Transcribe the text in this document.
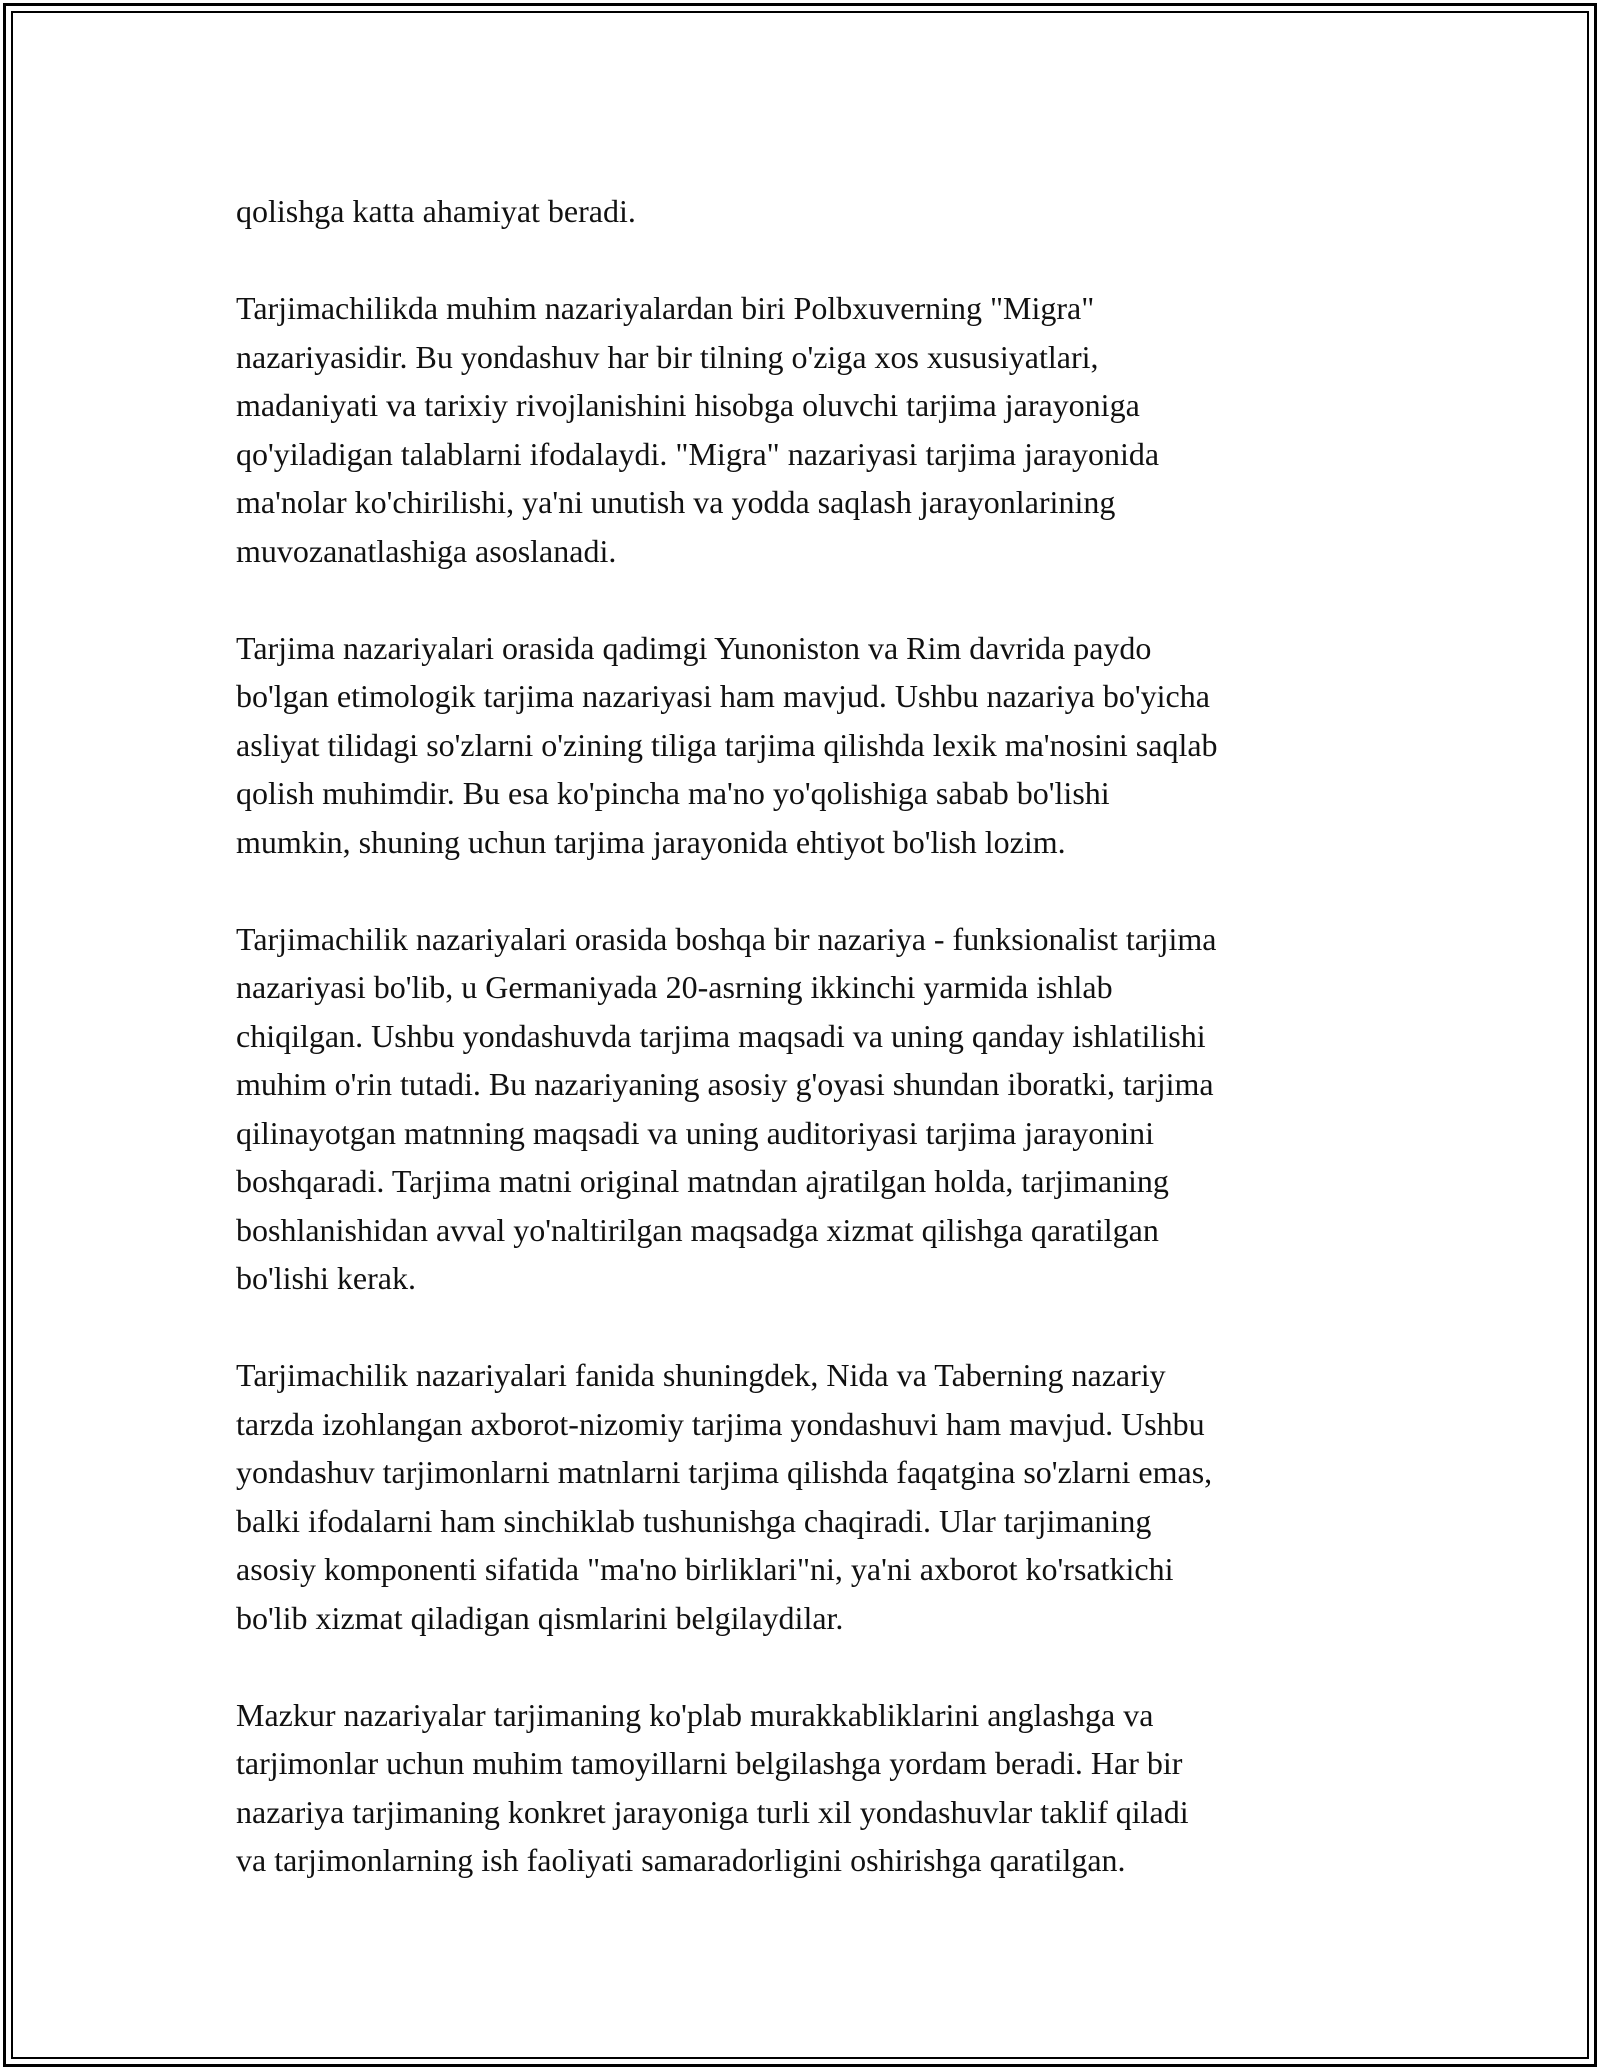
qolishga katta ahamiyat beradi.

Tarjimachilikda muhim nazariyalardan biri Polbxuverning "Migra"
nazariyasidir. Bu yondashuv har bir tilning o'ziga xos xususiyatlari,
madaniyati va tarixiy rivojlanishini hisobga oluvchi tarjima jarayoniga
qo'yiladigan talablarni ifodalaydi. "Migra" nazariyasi tarjima jarayonida
ma'nolar ko'chirilishi, ya'ni unutish va yodda saqlash jarayonlarining
muvozanatlashiga asoslanadi.

Tarjima nazariyalari orasida qadimgi Yunoniston va Rim davrida paydo
bo'lgan etimologik tarjima nazariyasi ham mavjud. Ushbu nazariya bo'yicha
asliyat tilidagi so'zlarni o'zining tiliga tarjima qilishda lexik ma'nosini saqlab
qolish muhimdir. Bu esa ko'pincha ma'no yo'qolishiga sabab bo'lishi
mumkin, shuning uchun tarjima jarayonida ehtiyot bo'lish lozim.

Tarjimachilik nazariyalari orasida boshqa bir nazariya - funksionalist tarjima
nazariyasi bo'lib, u Germaniyada 20-asrning ikkinchi yarmida ishlab
chiqilgan. Ushbu yondashuvda tarjima maqsadi va uning qanday ishlatilishi
muhim o'rin tutadi. Bu nazariyaning asosiy g'oyasi shundan iboratki, tarjima
qilinayotgan matnning maqsadi va uning auditoriyasi tarjima jarayonini
boshqaradi. Tarjima matni original matndan ajratilgan holda, tarjimaning
boshlanishidan avval yo'naltirilgan maqsadga xizmat qilishga qaratilgan
bo'lishi kerak.

Tarjimachilik nazariyalari fanida shuningdek, Nida va Taberning nazariy
tarzda izohlangan axborot-nizomiy tarjima yondashuvi ham mavjud. Ushbu
yondashuv tarjimonlarni matnlarni tarjima qilishda faqatgina so'zlarni emas,
balki ifodalarni ham sinchiklab tushunishga chaqiradi. Ular tarjimaning
asosiy komponenti sifatida "ma'no birliklari"ni, ya'ni axborot ko'rsatkichi
bo'lib xizmat qiladigan qismlarini belgilaydilar.

Mazkur nazariyalar tarjimaning ko'plab murakkabliklarini anglashga va
tarjimonlar uchun muhim tamoyillarni belgilashga yordam beradi. Har bir
nazariya tarjimaning konkret jarayoniga turli xil yondashuvlar taklif qiladi
va tarjimonlarning ish faoliyati samaradorligini oshirishga qaratilgan.
